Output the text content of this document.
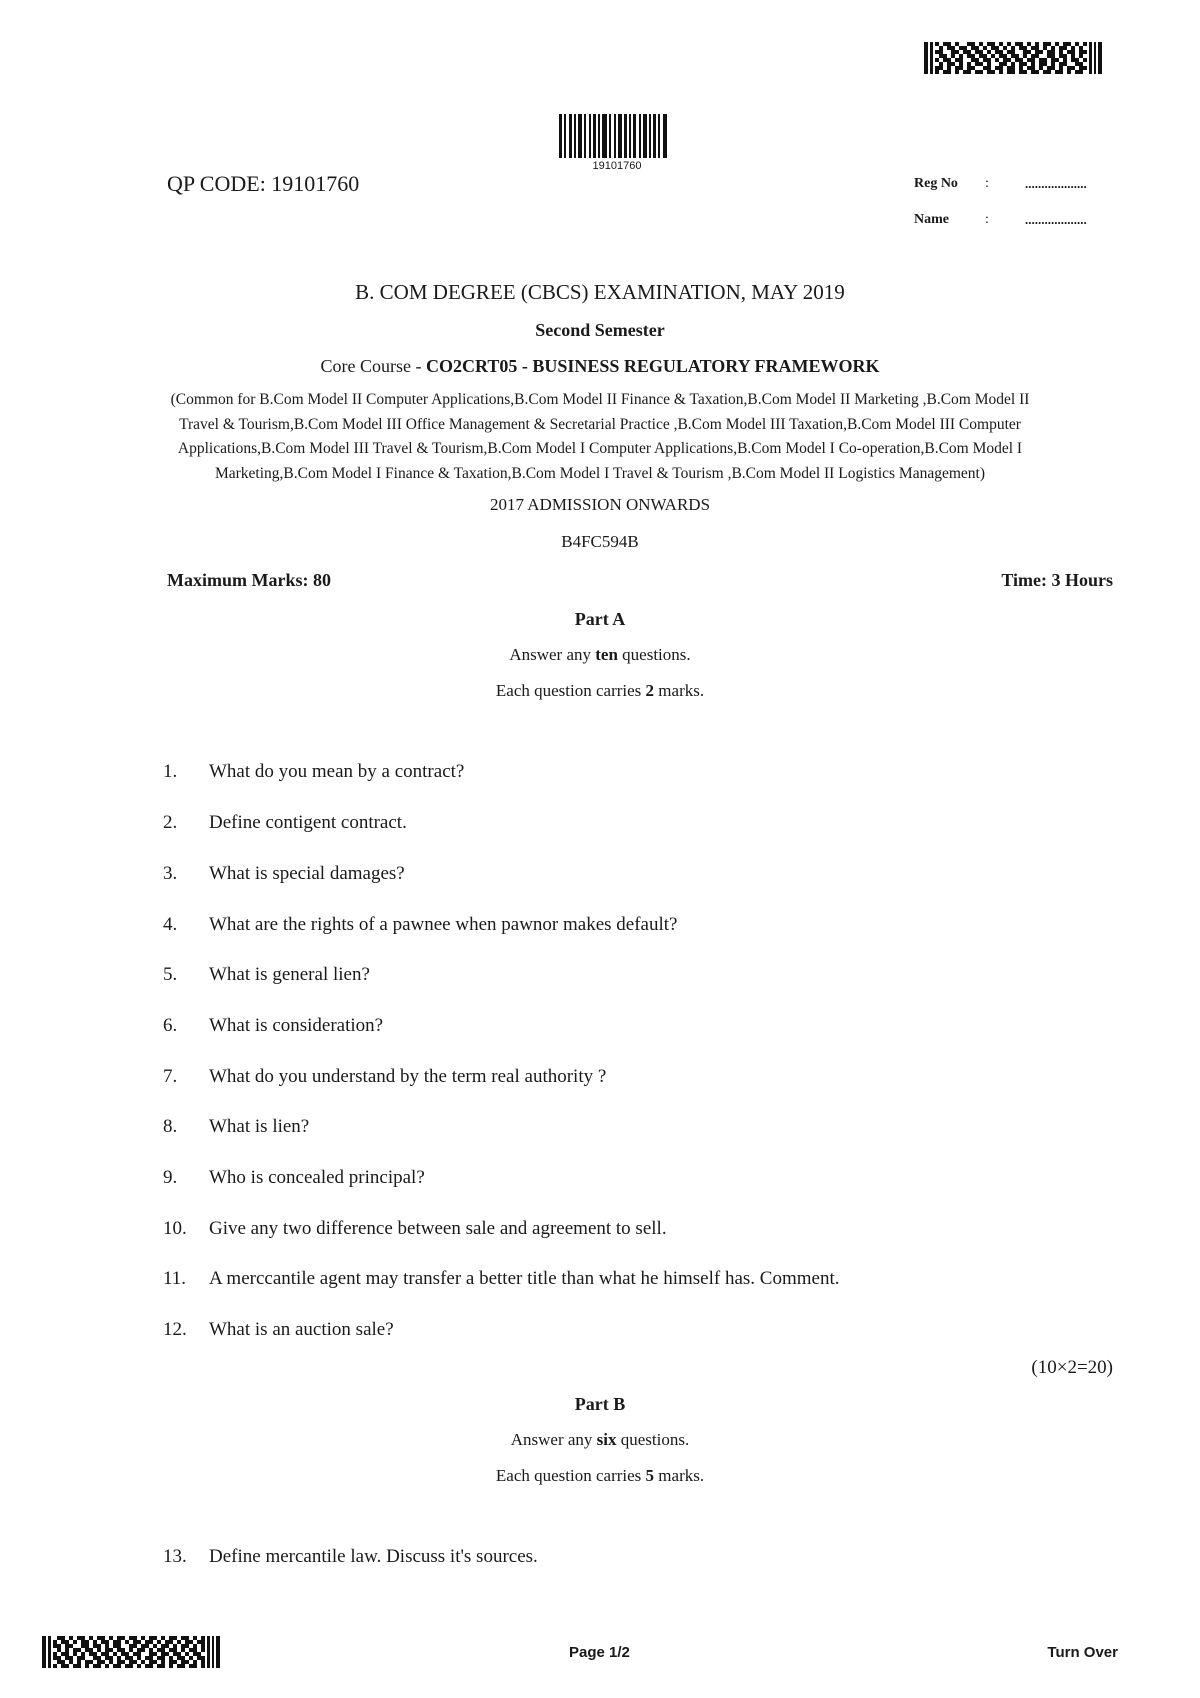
19101760
QP CODE: 19101760	Reg No :	...................
Name	:	...................
B. COM DEGREE (CBCS) EXAMINATION, MAY 2019
Second Semester
Core Course - CO2CRT05 - BUSINESS REGULATORY FRAMEWORK
(Common for B.Com Model II Computer Applications,B.Com Model II Finance & Taxation,B.Com Model II Marketing ,B.Com Model II
Travel & Tourism,B.Com Model III Office Management & Secretarial Practice ,B.Com Model III Taxation,B.Com Model III Computer
Applications,B.Com Model III Travel & Tourism,B.Com Model I Computer Applications,B.Com Model I Co-operation,B.Com Model I
Marketing,B.Com Model I Finance & Taxation,B.Com Model I Travel & Tourism ,B.Com Model II Logistics Management)
2017 ADMISSION ONWARDS
B4FC594B
Maximum Marks: 80	Time: 3 Hours
Part A
Answer any ten questions.
Each question carries 2 marks.
1.	What do you mean by a contract?
2.	Define contigent contract.
3.	What is special damages?
4.	What are the rights of a pawnee when pawnor makes default?
5.	What is general lien?
6.	What is consideration?
7.	What do you understand by the term real authority ?
8.	What is lien?
9.	Who is concealed principal?
10.	Give any two difference between sale and agreement to sell.
11.	A merccantile agent may transfer a better title than what he himself has. Comment.
12.	What is an auction sale?
(10×2=20)
Part B
Answer any six questions.
Each question carries 5 marks.
13.	Define mercantile law. Discuss it's sources.
Page 1/2	Turn Over
